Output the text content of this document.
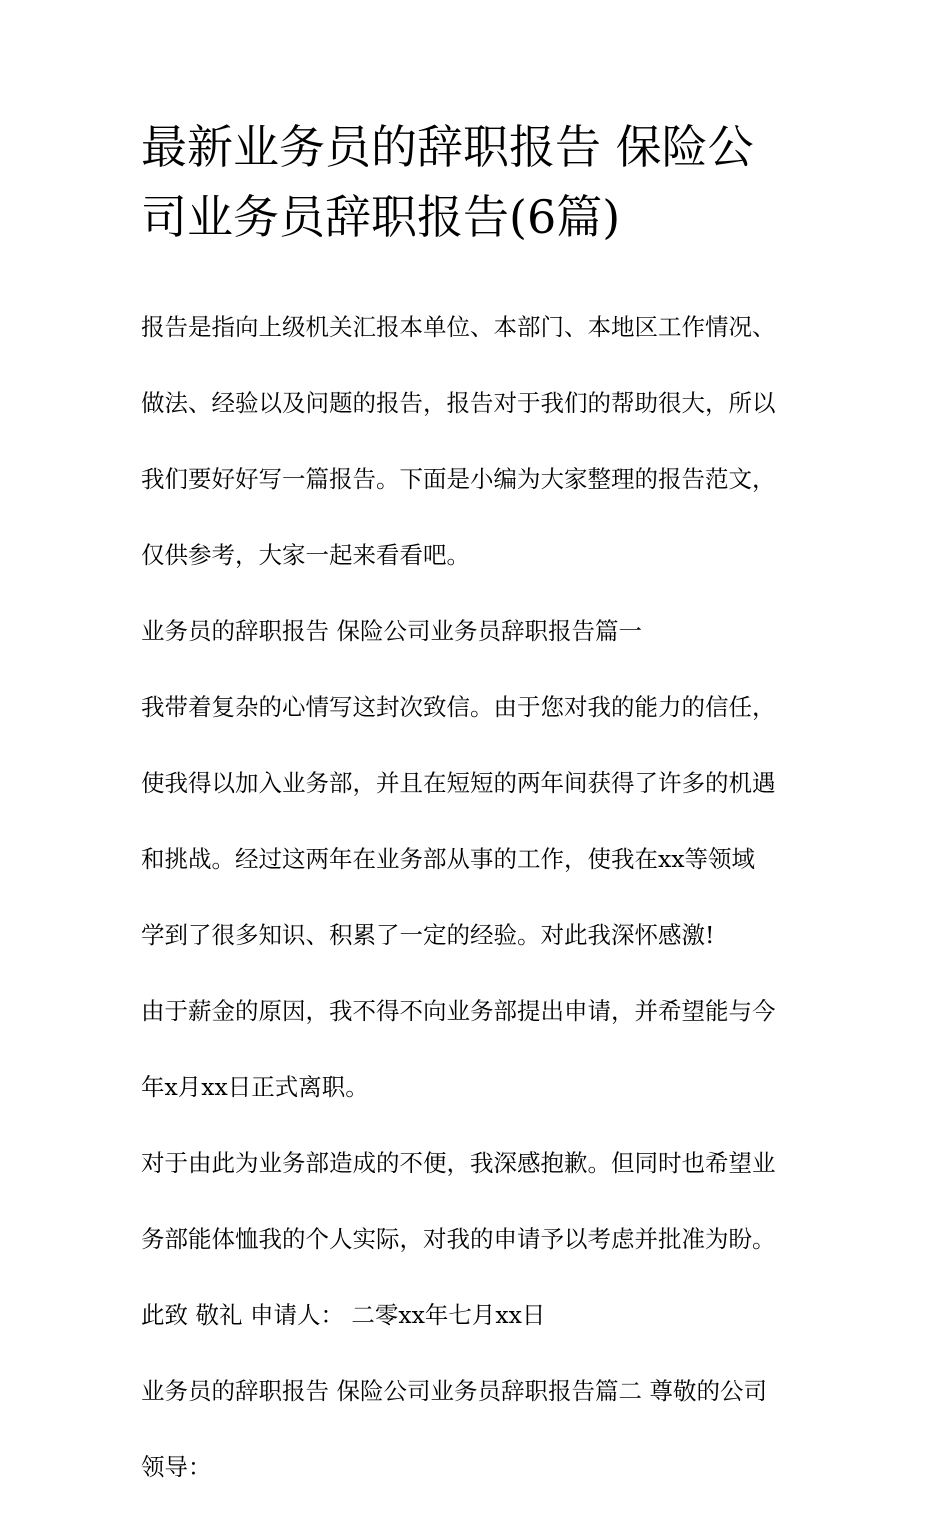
最新业务员的辞职报告 保险公
司业务员辞职报告(6篇)

报告是指向上级机关汇报本单位、本部门、本地区工作情况、

做法、经验以及问题的报告，报告对于我们的帮助很大，所以

我们要好好写一篇报告。下面是小编为大家整理的报告范文，

仅供参考，大家一起来看看吧。

业务员的辞职报告 保险公司业务员辞职报告篇一

我带着复杂的心情写这封次致信。由于您对我的能力的信任，

使我得以加入业务部，并且在短短的两年间获得了许多的机遇

和挑战。经过这两年在业务部从事的工作，使我在xx等领域

学到了很多知识、积累了一定的经验。对此我深怀感激!

由于薪金的原因，我不得不向业务部提出申请，并希望能与今

年x月xx日正式离职。

对于由此为业务部造成的不便，我深感抱歉。但同时也希望业

务部能体恤我的个人实际，对我的申请予以考虑并批准为盼。

此致 敬礼 申请人： 二零xx年七月xx日

业务员的辞职报告 保险公司业务员辞职报告篇二 尊敬的公司

领导：
